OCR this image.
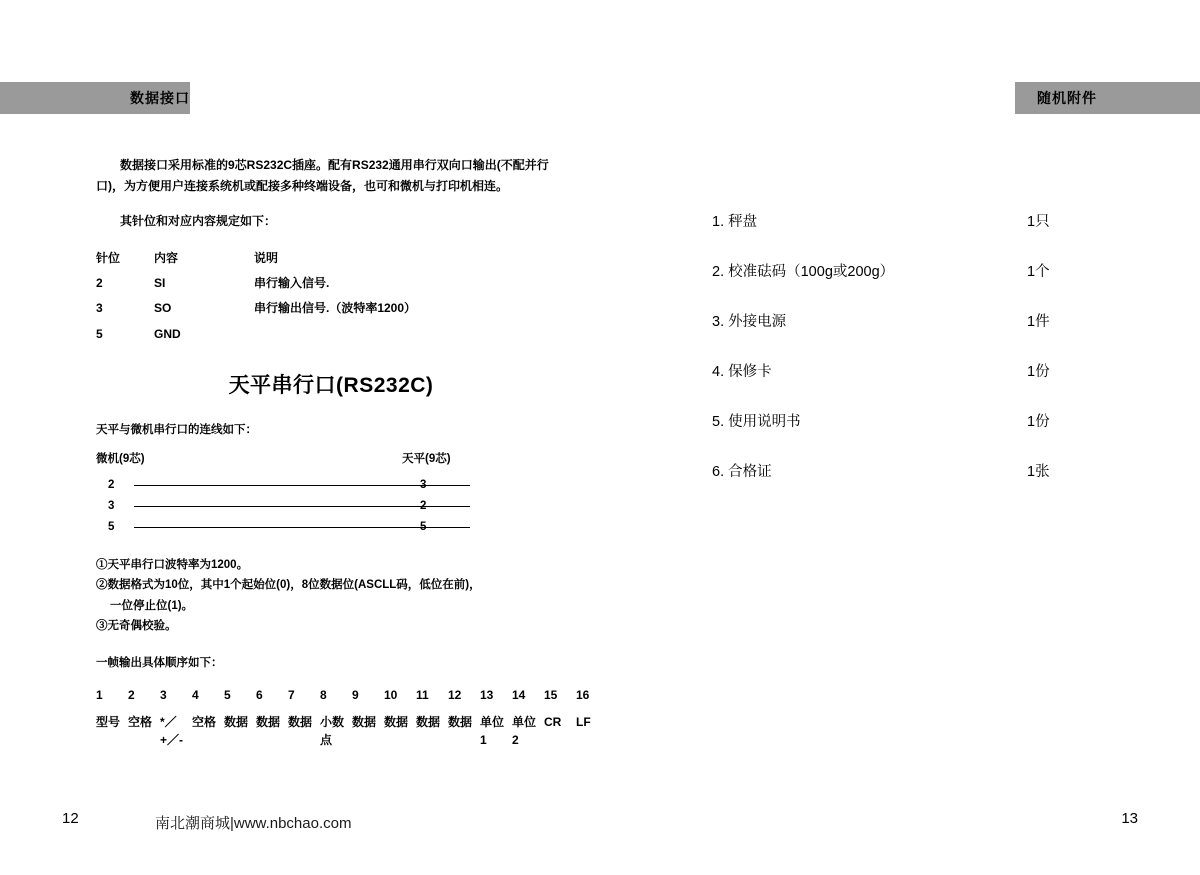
数据接口	随机附件

数据接口采用标准的9芯RS232C插座。配有RS232通用串行双向口输出(不配并行口)，为方便用户连接系统机或配接多种终端设备，也可和微机与打印机相连。

其针位和对应内容规定如下：

针位	内容	说明
2	SI	串行输入信号.
3	SO	串行输出信号.（波特率1200）
5	GND	
天平串行口(RS232C)
天平与微机串行口的连线如下：
微机(9芯)	天平(9芯)
2	3
3	2
5	5
①天平串行口波特率为1200。
②数据格式为10位，其中1个起始位(0)，8位数据位(ASCLL码，低位在前)，
一位停止位(1)。
③无奇偶校验。
一帧输出具体顺序如下：
1	2	3	4	5	6	7	8	9	10	11	12	13	14	15	16

型号	空格	*／+／-	空格	数据	数据	数据	小数点	数据	数据	数据	数据	单位1	单位2	CR	LF
1. 秤盘	1只
2. 校准砝码（100g或200g）	1个
3. 外接电源	1件
4. 保修卡	1份
5. 使用说明书	1份
6. 合格证	1张
12	南北潮商城|www.nbchao.com	13
